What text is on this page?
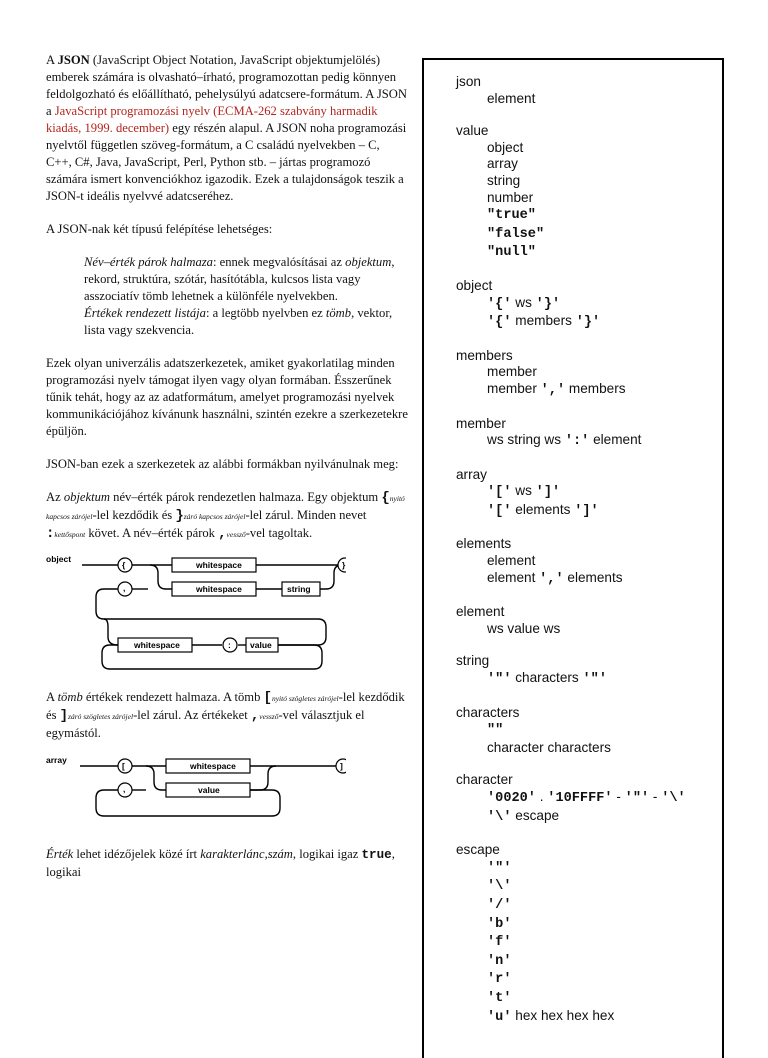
A JSON (JavaScript Object Notation, JavaScript objektumjelölés) emberek számára is olvasható–írható, programozottan pedig könnyen feldolgozható és előállítható, pehelysúlyú adatcsere-formátum. A JSON a JavaScript programozási nyelv (ECMA-262 szabvány harmadik kiadás, 1999. december) egy részén alapul. A JSON noha programozási nyelvtől független szöveg-formátum, a C családú nyelvekben – C, C++, C#, Java, JavaScript, Perl, Python stb. – jártas programozó számára ismert konvenciókhoz igazodik. Ezek a tulajdonságok teszik a JSON-t ideális nyelvvé adatcseréhez.

A JSON-nak két típusú felépítése lehetséges:

Név–érték párok halmaza: ennek megvalósításai az objektum, rekord, struktúra, szótár, hasítótábla, kulcsos lista vagy asszociatív tömb lehetnek a különféle nyelvekben.
Értékek rendezett listája: a legtöbb nyelvben ez tömb, vektor, lista vagy szekvencia.

Ezek olyan univerzális adatszerkezetek, amiket gyakorlatilag minden programozási nyelv támogat ilyen vagy olyan formában. Ésszerűnek tűnik tehát, hogy az az adatformátum, amelyet programozási nyelvek kommunikációjához kívánunk használni, szintén ezekre a szerkezetekre épüljön.

JSON-ban ezek a szerkezetek az alábbi formákban nyilvánulnak meg:

Az objektum név–érték párok rendezetlen halmaza. Egy objektum {nyitó kapcsos zárójel-lel kezdődik és }záró kapcsos zárójel-lel zárul. Minden nevet :kettőspont követ. A név–érték párok ,vessző-vel tagoltak.

object
{	whitespace	}
,	whitespace	string
whitespace	: value

A tömb értékek rendezett halmaza. A tömb [nyitó szögletes zárójel-lel kezdődik és ]záró szögletes zárójel-lel zárul. Az értékeket ,vessző-vel választjuk el egymástól.

array
[	whitespace	]
,	value

Érték lehet idézőjelek közé írt karakterlánc,szám, logikai igaz true, logikai

json
element
value
object
array
string
number
"true"
"false"
"null"
object
'{' ws '}'
'{' members '}'
members
member
member ',' members
member
ws string ws ':' element
array
'[' ws ']'
'[' elements ']'
elements
element
element ',' elements
element
ws value ws
string
'"' characters '"'
characters
""
character characters
character
'0020' . '10FFFF' - '"' - '\'
'\' escape
escape
'"'
'\'
'/'
'b'
'f'
'n'
'r'
't'
'u' hex hex hex hex
